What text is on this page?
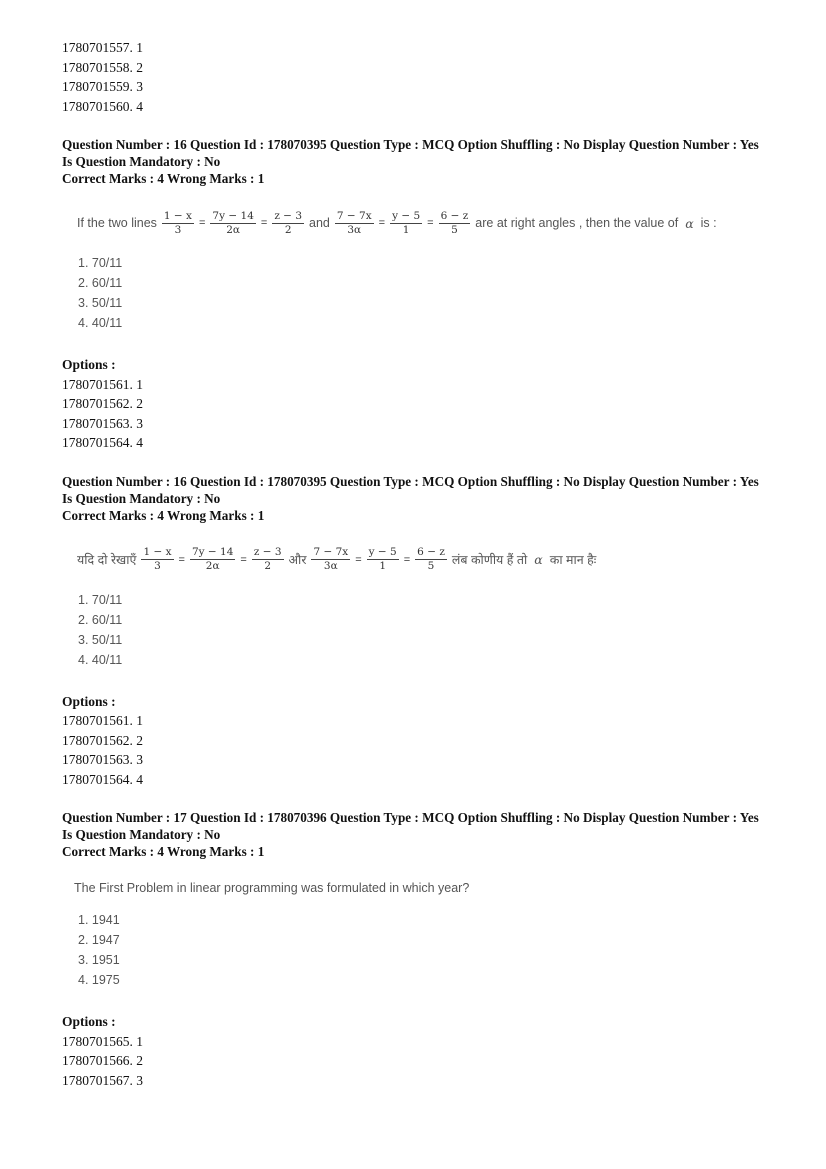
1780701557. 1
1780701558. 2
1780701559. 3
1780701560. 4
Question Number : 16 Question Id : 178070395 Question Type : MCQ Option Shuffling : No Display Question Number : Yes
Is Question Mandatory : No
Correct Marks : 4 Wrong Marks : 1
If the two lines $\frac{1 - x}{3} = \frac{7y - 14}{2\alpha} = \frac{z - 3}{2}$ and $\frac{7 - 7x}{3\alpha} = \frac{y - 5}{1} = \frac{6 - z}{5}$ are at right angles , then the value of α is :
1. 70/11
2. 60/11
3. 50/11
4. 40/11
Options :
1780701561. 1
1780701562. 2
1780701563. 3
1780701564. 4
Question Number : 16 Question Id : 178070395 Question Type : MCQ Option Shuffling : No Display Question Number : Yes
Is Question Mandatory : No
Correct Marks : 4 Wrong Marks : 1
यदि दो रेखाएँ $\frac{1 - x}{3} = \frac{7y - 14}{2\alpha} = \frac{z - 3}{2}$ और $\frac{7 - 7x}{3\alpha} = \frac{y - 5}{1} = \frac{6 - z}{5}$ लंब कोणीय हैं तो α का मान हैः
1. 70/11
2. 60/11
3. 50/11
4. 40/11
Options :
1780701561. 1
1780701562. 2
1780701563. 3
1780701564. 4
Question Number : 17 Question Id : 178070396 Question Type : MCQ Option Shuffling : No Display Question Number : Yes
Is Question Mandatory : No
Correct Marks : 4 Wrong Marks : 1
The First Problem in linear programming was formulated in which year?
1. 1941
2. 1947
3. 1951
4. 1975
Options :
1780701565. 1
1780701566. 2
1780701567. 3
